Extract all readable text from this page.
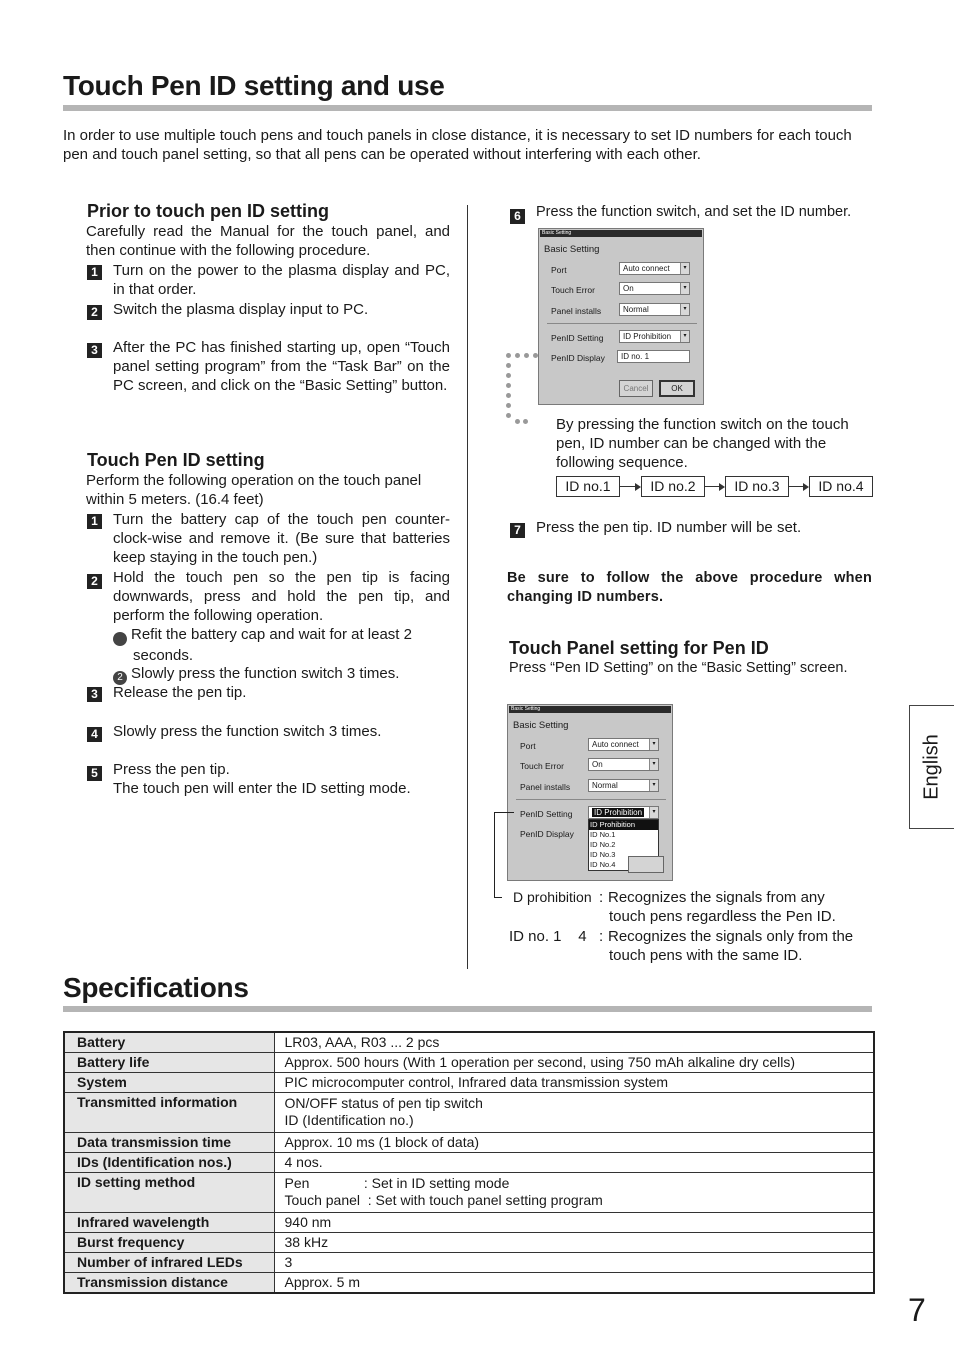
Touch Pen ID setting and use
In order to use multiple touch pens and touch panels in close distance, it is necessary to set ID numbers for each touch pen and touch panel setting, so that all pens can be operated without interfering with each other.
Prior to touch pen ID setting
Carefully read the Manual for the touch panel, and then continue with the following procedure.
1 Turn on the power to the plasma display and PC, in that order.
2 Switch the plasma display input to PC.
3 After the PC has finished starting up, open “Touch panel setting program” from the “Task Bar” on the PC screen, and click on the “Basic Setting” button.
Touch Pen ID setting
Perform the following operation on the touch panel within 5 meters. (16.4 feet)
1 Turn the battery cap of the touch pen counter-clock-wise and remove it. (Be sure that batteries keep staying in the touch pen.)
2 Hold the touch pen so the pen tip is facing downwards, press and hold the pen tip, and perform the following operation.
1 Refit the battery cap and wait for at least 2 seconds.
2 Slowly press the function switch 3 times.
3 Release the pen tip.
4 Slowly press the function switch 3 times.
5 Press the pen tip.
The touch pen will enter the ID setting mode.
6 Press the function switch, and set the ID number.
Basic Setting
Basic Setting
Port	Auto connect	▾
Touch Error	On	▾
Panel installs	Normal	▾
PenID Setting	ID Prohibition	▾
PenID Display	ID no. 1
Cancel	OK
By pressing the function switch on the touch pen, ID number can be changed with the following sequence.
ID no.1	ID no.2	ID no.3	ID no.4
7 Press the pen tip. ID number will be set.
Be sure to follow the above procedure when changing ID numbers.
Touch Panel setting for Pen ID
Press “Pen ID Setting” on the “Basic Setting” screen.
Basic Setting
Basic Setting
Port	Auto connect	▾
Touch Error	On	▾
Panel installs	Normal	▾
PenID Setting	ID Prohibition	▾
PenID Display
ID Prohibition
ID No.1
ID No.2
ID No.3
ID No.4
D prohibition : Recognizes the signals from any
touch pens regardless the Pen ID.
ID no. 1    4 : Recognizes the signals only from the
touch pens with the same ID.
English
Specifications
Battery	LR03, AAA, R03 ... 2 pcs
Battery life	Approx. 500 hours (With 1 operation per second, using 750 mAh alkaline dry cells)
System	PIC microcomputer control, Infrared data transmission system
Transmitted information	ON/OFF status of pen tip switch
ID (Identification no.)

Data transmission time	Approx. 10 ms (1 block of data)
IDs (Identification nos.)	4 nos.
ID setting method	Pen              : Set in ID setting mode
Touch panel  : Set with touch panel setting program

Infrared wavelength	940 nm
Burst frequency	38 kHz
Number of infrared LEDs	3
Transmission distance	Approx. 5 m
7
